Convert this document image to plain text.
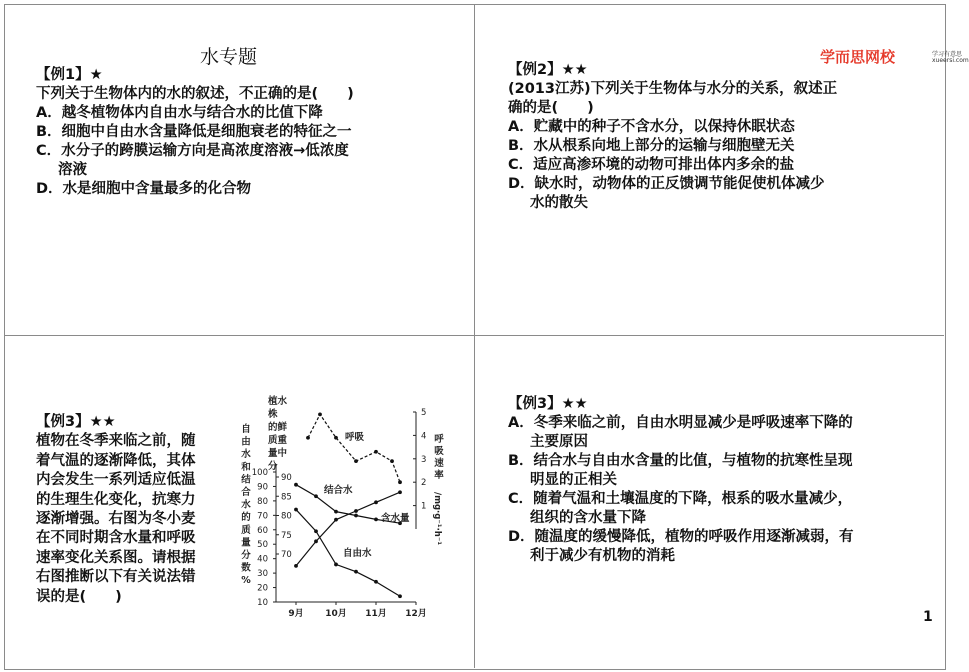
水专题
【例1】★
下列关于生物体内的水的叙述，不正确的是(　　)
A．越冬植物体内自由水与结合水的比值下降
B．细胞中自由水含量降低是细胞衰老的特征之一
C．水分子的跨膜运输方向是高浓度溶液→低浓度
溶液
D．水是细胞中含量最多的化合物
学而思网校	学习有意思
xueersi.com
【例2】★★
(2013江苏)下列关于生物体与水分的关系，叙述正
确的是(　　)
A．贮藏中的种子不含水分，以保持休眠状态
B．水从根系向地上部分的运输与细胞壁无关
C．适应高渗环境的动物可排出体内多余的盐
D．缺水时，动物体的正反馈调节能促使机体减少
水的散失
【例3】★★
植物在冬季来临之前，随
着气温的逐渐降低，其体
内会发生一系列适应低温
的生理生化变化，抗寒力
逐渐增强。右图为冬小麦
在不同时期含水量和呼吸
速率变化关系图。请根据
右图推断以下有关说法错
误的是(　　)	10
20
30
40
50
60
70
80
90
100
70
75
80
85
90
1
2
3
4
5
9月 10月 11月 12月
自
由
水
和
结
合
水
的
质
量
分
数
%
植水
株
的鲜
质重
量中
分
呼
吸
速
率
/mg·g⁻¹·h⁻¹
呼吸
含水量
结合水
自由水
【例3】★★
A．冬季来临之前，自由水明显减少是呼吸速率下降的
主要原因
B．结合水与自由水含量的比值，与植物的抗寒性呈现
明显的正相关
C．随着气温和土壤温度的下降，根系的吸水量减少，
组织的含水量下降
D．随温度的缓慢降低，植物的呼吸作用逐渐减弱，有
利于减少有机物的消耗
1
